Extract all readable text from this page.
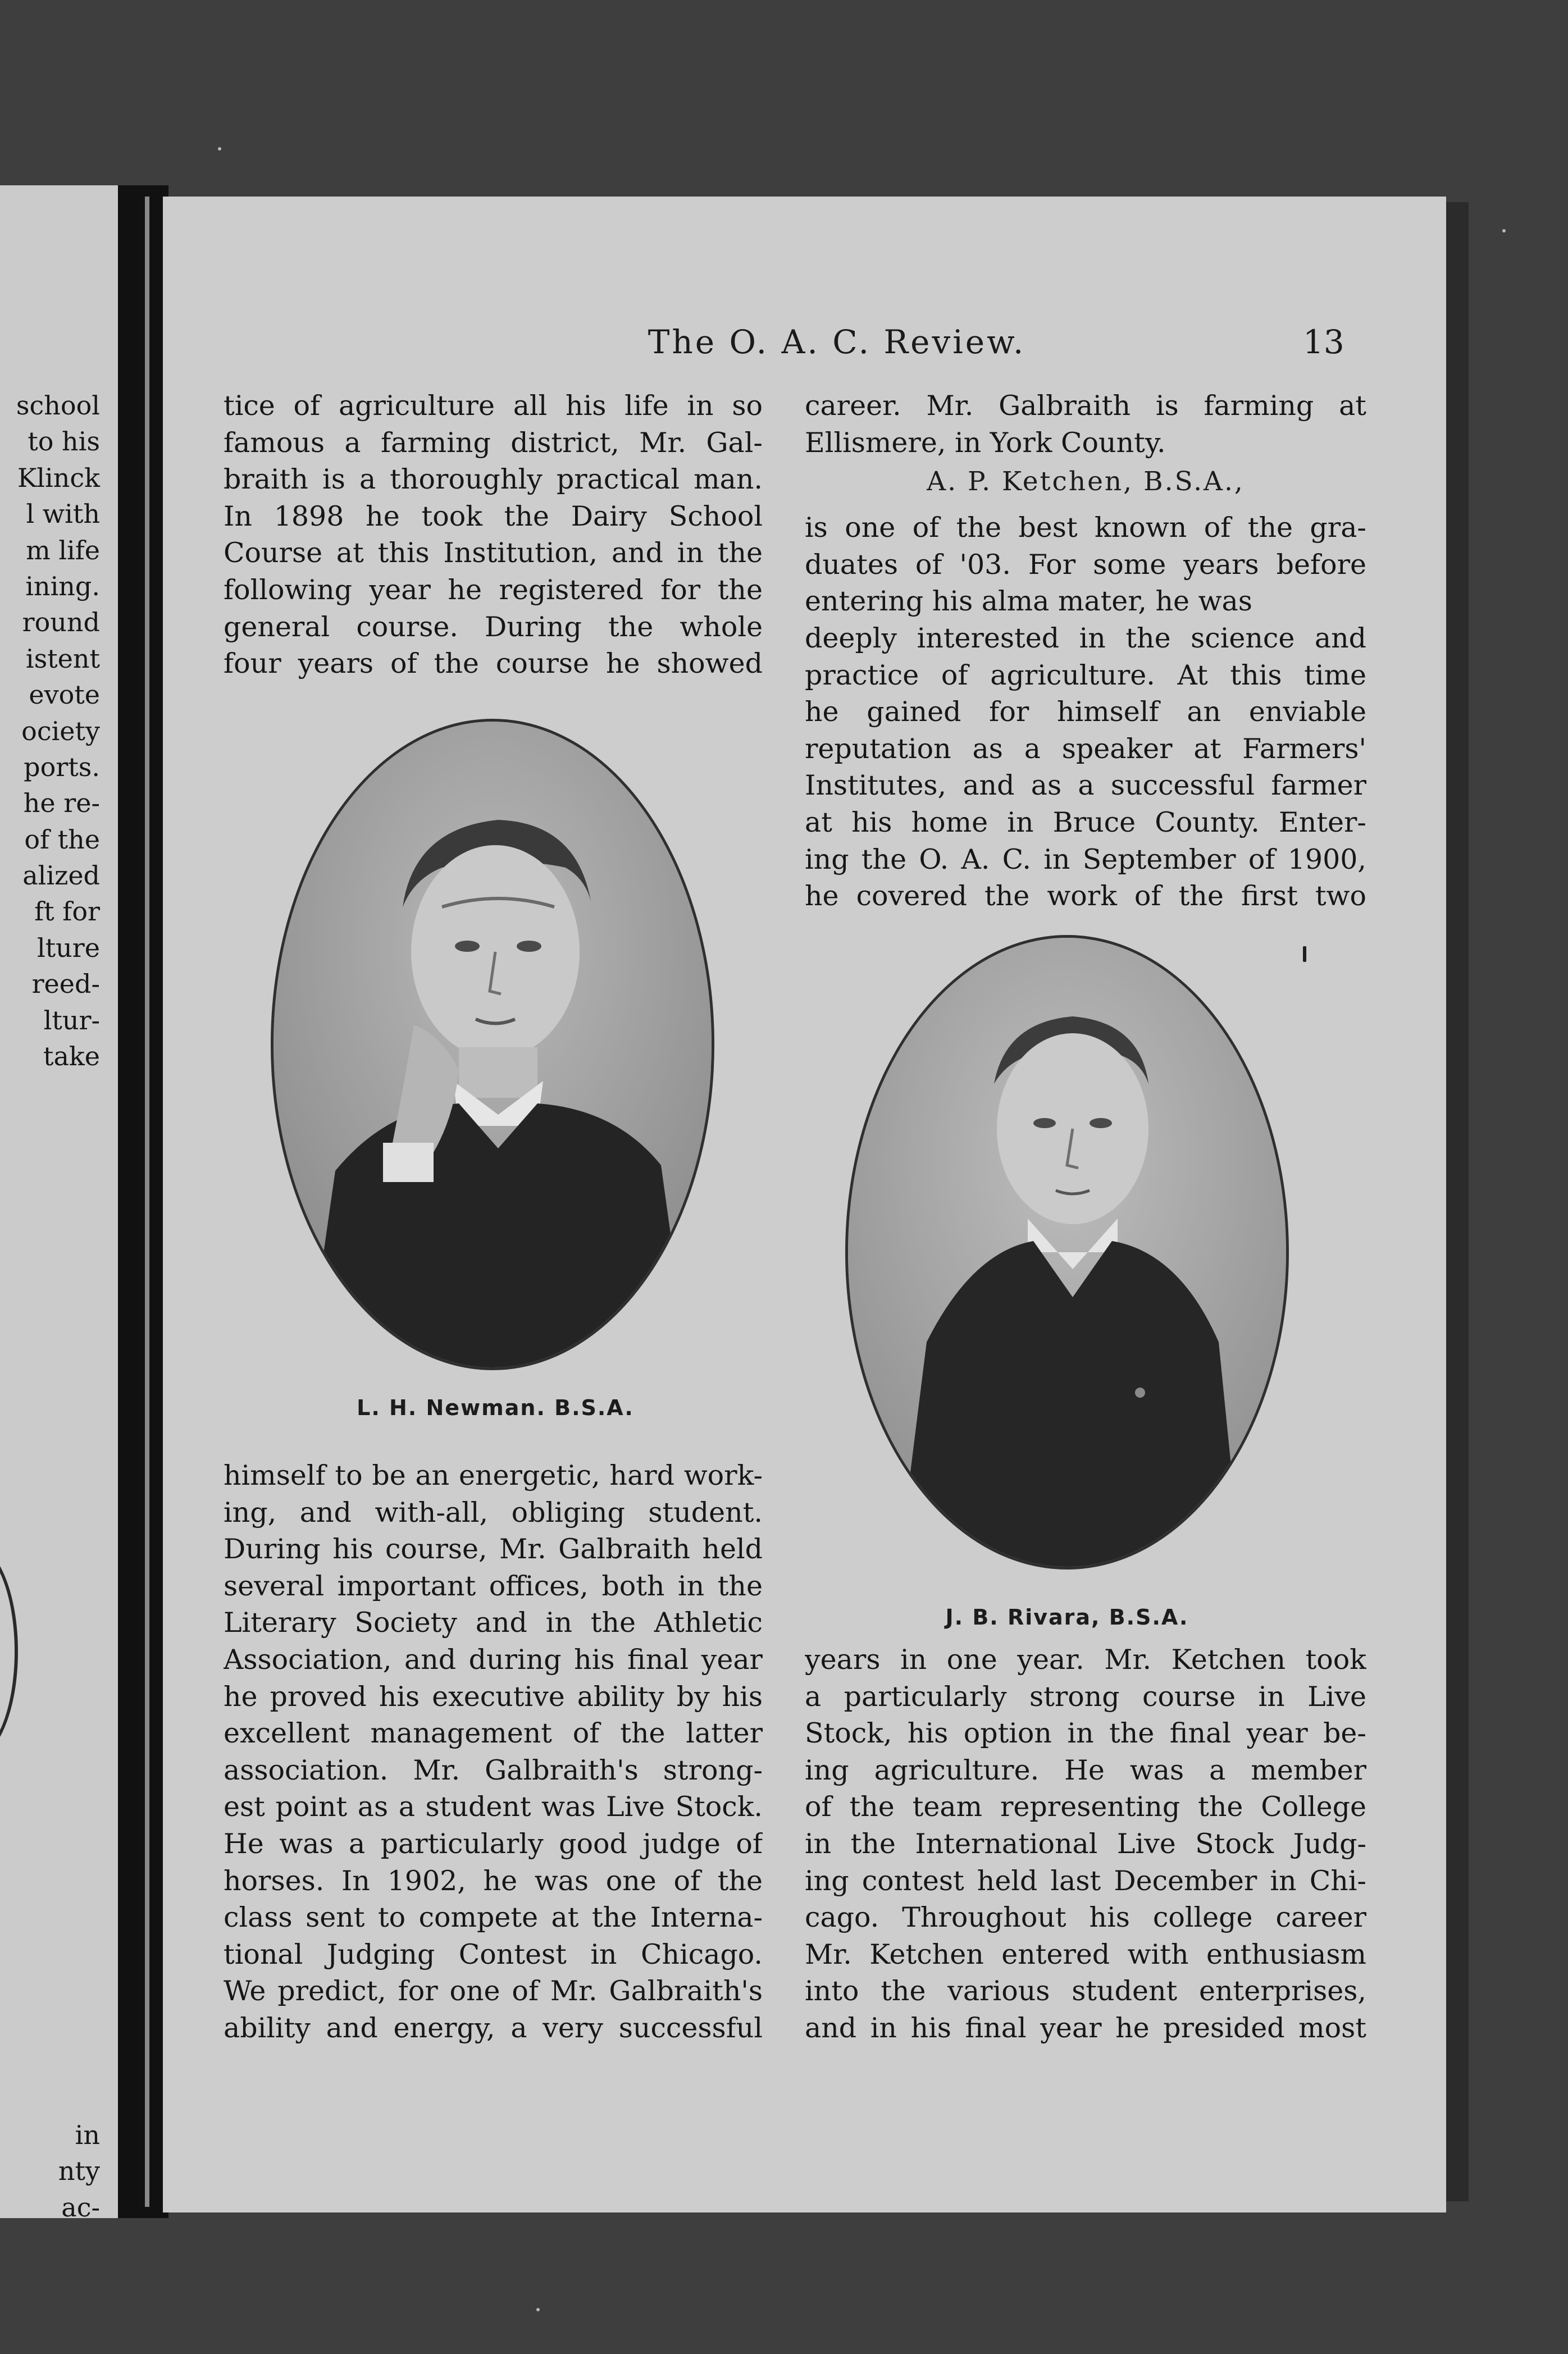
school
to his
Klinck
l with
m life
ining.
round
istent
evote
ociety
ports.
he re-
of the
alized
ft for
lture
reed-
ltur-
take
in
nty
ac-
The O. A. C. Review.	13
tice of agriculture all his life in so
famous a farming district, Mr. Gal-
braith is a thoroughly practical man.
In 1898 he took the Dairy School
Course at this Institution, and in the
following year he registered for the
general course. During the whole
four years of the course he showed
L. H. Newman. B.S.A.
himself to be an energetic, hard work-
ing, and with-all, obliging student.
During his course, Mr. Galbraith held
several important offices, both in the
Literary Society and in the Athletic
Association, and during his final year
he proved his executive ability by his
excellent management of the latter
association. Mr. Galbraith's strong-
est point as a student was Live Stock.
He was a particularly good judge of
horses. In 1902, he was one of the
class sent to compete at the Interna-
tional Judging Contest in Chicago.
We predict, for one of Mr. Galbraith's
ability and energy, a very successful
career. Mr. Galbraith is farming at
Ellismere, in York County.
A. P. Ketchen, B.S.A.,
is one of the best known of the gra-
duates of '03. For some years before
entering his alma mater, he was
deeply interested in the science and
practice of agriculture. At this time
he gained for himself an enviable
reputation as a speaker at Farmers'
Institutes, and as a successful farmer
at his home in Bruce County. Enter-
ing the O. A. C. in September of 1900,
he covered the work of the first two
J. B. Rivara, B.S.A.
years in one year. Mr. Ketchen took
a particularly strong course in Live
Stock, his option in the final year be-
ing agriculture. He was a member
of the team representing the College
in the International Live Stock Judg-
ing contest held last December in Chi-
cago. Throughout his college career
Mr. Ketchen entered with enthusiasm
into the various student enterprises,
and in his final year he presided most
